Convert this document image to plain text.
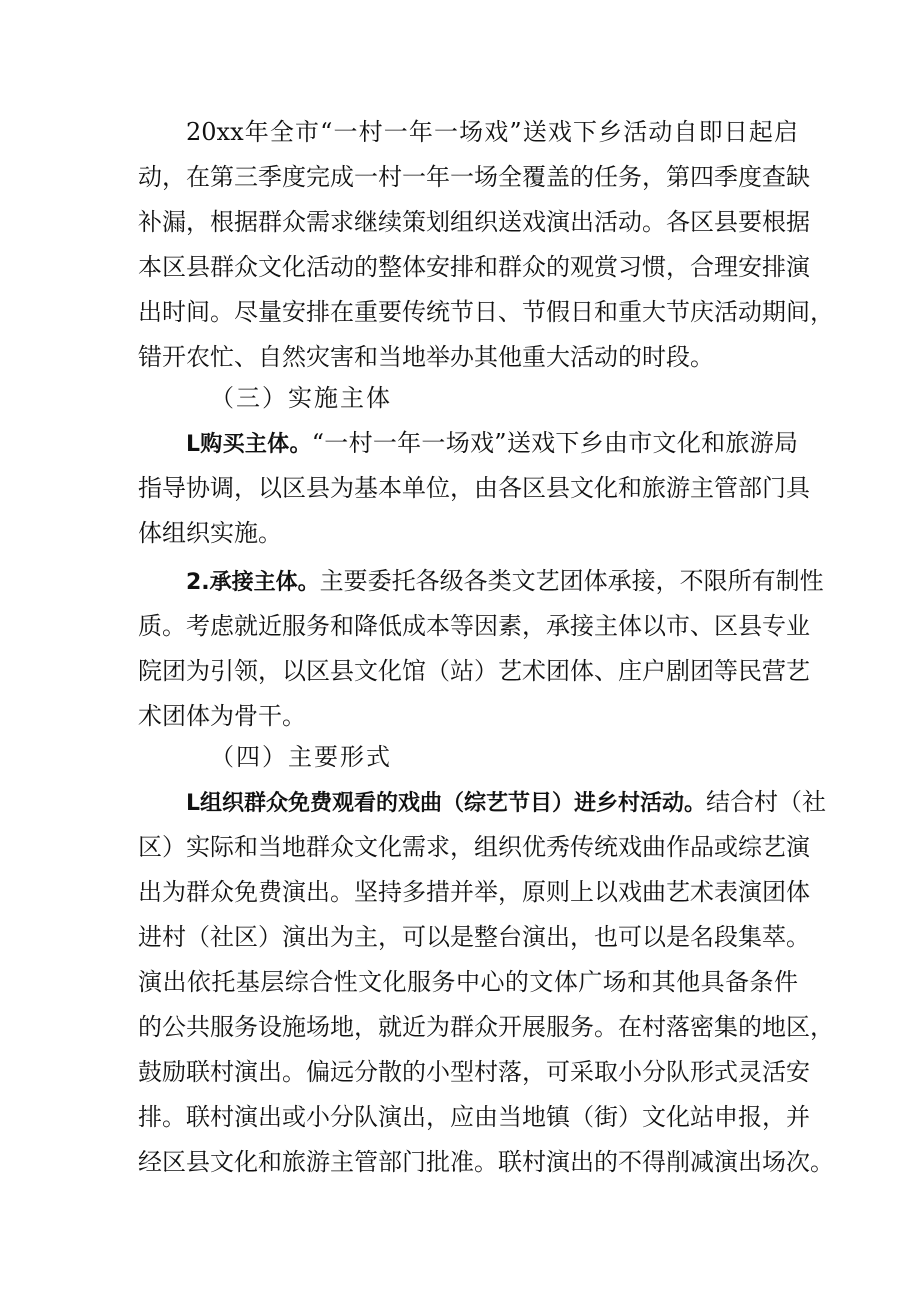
20xx年全市“一村一年一场戏”送戏下乡活动自即日起启
动，在第三季度完成一村一年一场全覆盖的任务，第四季度查缺
补漏，根据群众需求继续策划组织送戏演出活动。各区县要根据
本区县群众文化活动的整体安排和群众的观赏习惯，合理安排演
出时间。尽量安排在重要传统节日、节假日和重大节庆活动期间，
错开农忙、自然灾害和当地举办其他重大活动的时段。
（三）实施主体
L购买主体。“一村一年一场戏”送戏下乡由市文化和旅游局
指导协调，以区县为基本单位，由各区县文化和旅游主管部门具
体组织实施。
2.承接主体。主要委托各级各类文艺团体承接，不限所有制性
质。考虑就近服务和降低成本等因素，承接主体以市、区县专业
院团为引领，以区县文化馆（站）艺术团体、庄户剧团等民营艺
术团体为骨干。
（四）主要形式
L组织群众免费观看的戏曲（综艺节目）进乡村活动。结合村（社
区）实际和当地群众文化需求，组织优秀传统戏曲作品或综艺演
出为群众免费演出。坚持多措并举，原则上以戏曲艺术表演团体
进村（社区）演出为主，可以是整台演出，也可以是名段集萃。
演出依托基层综合性文化服务中心的文体广场和其他具备条件
的公共服务设施场地，就近为群众开展服务。在村落密集的地区，
鼓励联村演出。偏远分散的小型村落，可采取小分队形式灵活安
排。联村演出或小分队演出，应由当地镇（街）文化站申报，并
经区县文化和旅游主管部门批准。联村演出的不得削减演出场次。
